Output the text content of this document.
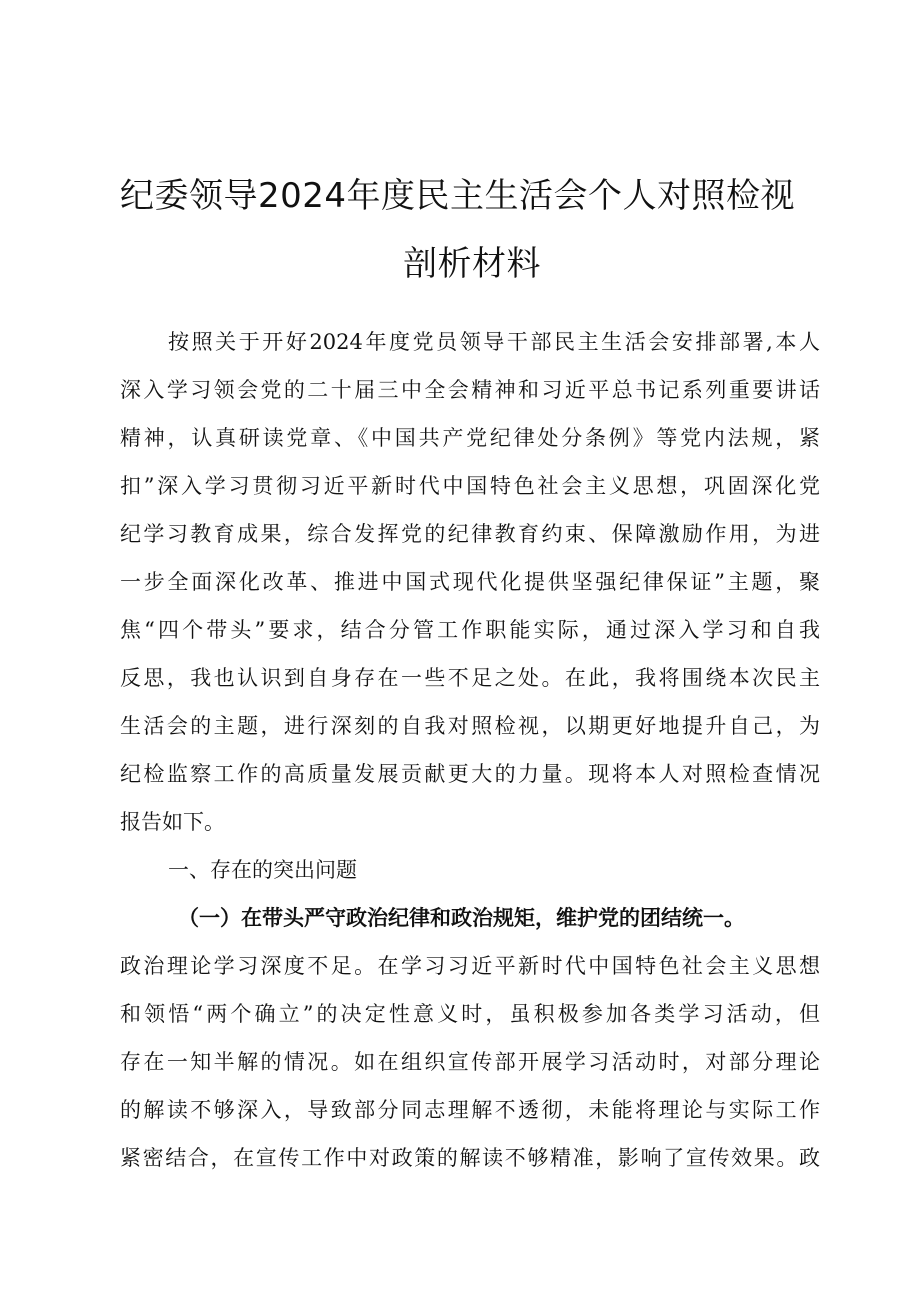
纪委领导2024年度民主生活会个人对照检视
剖析材料
按照关于开好2024年度党员领导干部民主生活会安排部署,本人
深入学习领会党的二十届三中全会精神和习近平总书记系列重要讲话
精神，认真研读党章、《中国共产党纪律处分条例》等党内法规，紧
扣”深入学习贯彻习近平新时代中国特色社会主义思想，巩固深化党
纪学习教育成果，综合发挥党的纪律教育约束、保障激励作用，为进
一步全面深化改革、推进中国式现代化提供坚强纪律保证”主题，聚
焦“四个带头”要求，结合分管工作职能实际，通过深入学习和自我
反思，我也认识到自身存在一些不足之处。在此，我将围绕本次民主
生活会的主题，进行深刻的自我对照检视，以期更好地提升自己，为
纪检监察工作的高质量发展贡献更大的力量。现将本人对照检查情况
报告如下。
一、存在的突出问题
（一）在带头严守政治纪律和政治规矩，维护党的团结统一。
政治理论学习深度不足。在学习习近平新时代中国特色社会主义思想
和领悟“两个确立”的决定性意义时，虽积极参加各类学习活动，但
存在一知半解的情况。如在组织宣传部开展学习活动时，对部分理论
的解读不够深入，导致部分同志理解不透彻，未能将理论与实际工作
紧密结合，在宣传工作中对政策的解读不够精准，影响了宣传效果。政
